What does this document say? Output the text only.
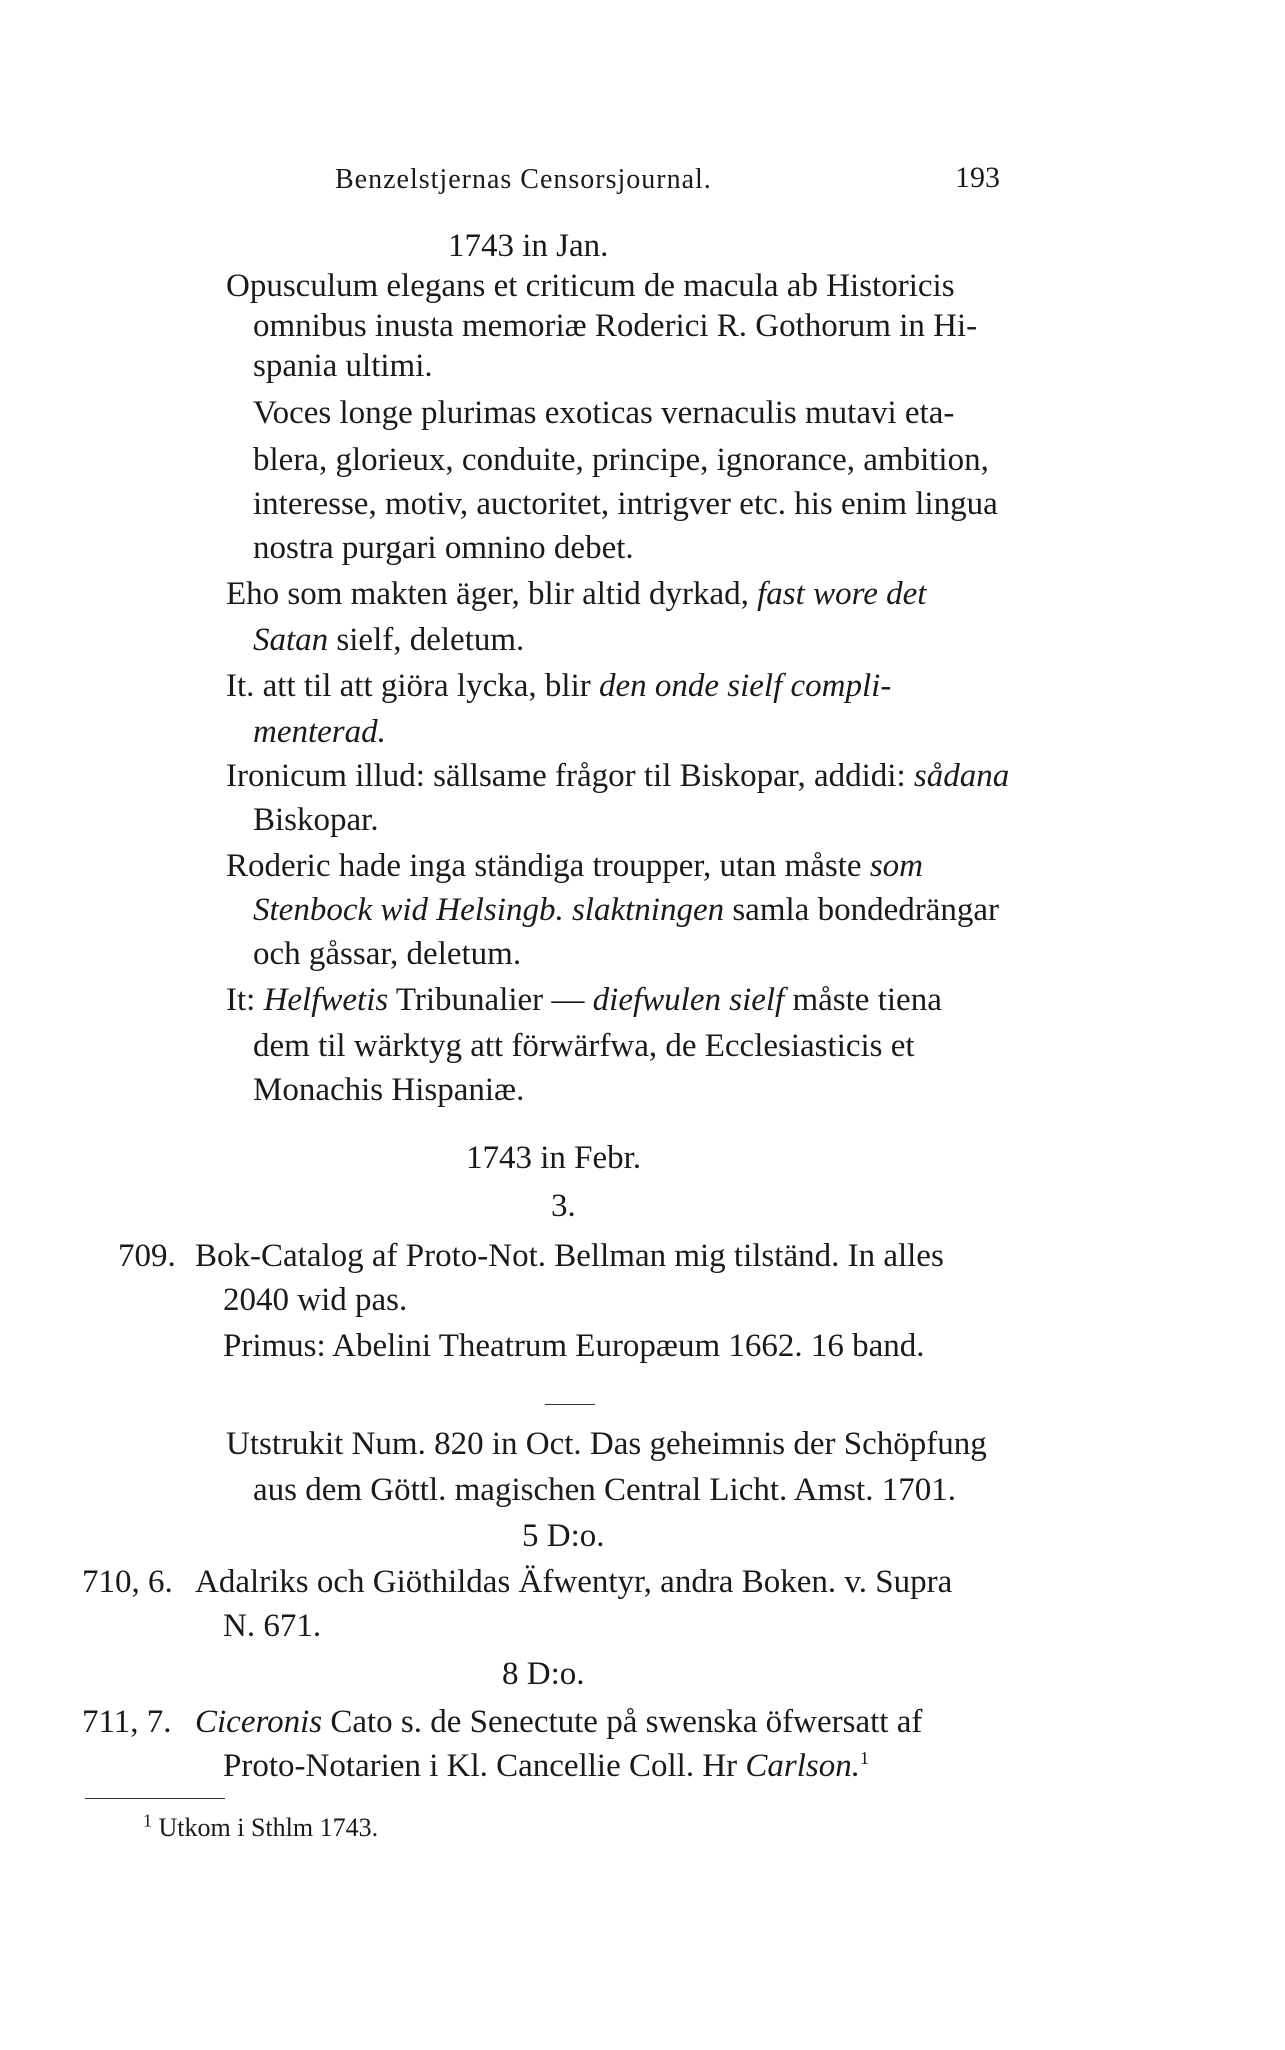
Benzelstjernas Censorsjournal.	193
1743 in Jan.
Opusculum elegans et criticum de macula ab Historicis
omnibus inusta memoriæ Roderici R. Gothorum in Hi-
spania ultimi.
Voces longe plurimas exoticas vernaculis mutavi eta-
blera, glorieux, conduite, principe, ignorance, ambition,
interesse, motiv, auctoritet, intrigver etc. his enim lingua
nostra purgari omnino debet.
Eho som makten äger, blir altid dyrkad, fast wore det
Satan sielf, deletum.
It. att til att giöra lycka, blir den onde sielf compli-
menterad.
Ironicum illud: sällsame frågor til Biskopar, addidi: sådana
Biskopar.
Roderic hade inga ständiga troupper, utan måste som
Stenbock wid Helsingb. slaktningen samla bondedrängar
och gåssar, deletum.
It: Helfwetis Tribunalier — diefwulen sielf måste tiena
dem til wärktyg att förwärfwa, de Ecclesiasticis et
Monachis Hispaniæ.
1743 in Febr.
3.
709. Bok-Catalog af Proto-Not. Bellman mig tilständ. In alles
2040 wid pas.
Primus: Abelini Theatrum Europæum 1662. 16 band.
Utstrukit Num. 820 in Oct. Das geheimnis der Schöpfung
aus dem Göttl. magischen Central Licht. Amst. 1701.
5 D:o.
710, 6. Adalriks och Giöthildas Äfwentyr, andra Boken. v. Supra
N. 671.
8 D:o.
711, 7. Ciceronis Cato s. de Senectute på swenska öfwersatt af
Proto-Notarien i Kl. Cancellie Coll. Hr Carlson.$^1$
$^1$ Utkom i Sthlm 1743.
